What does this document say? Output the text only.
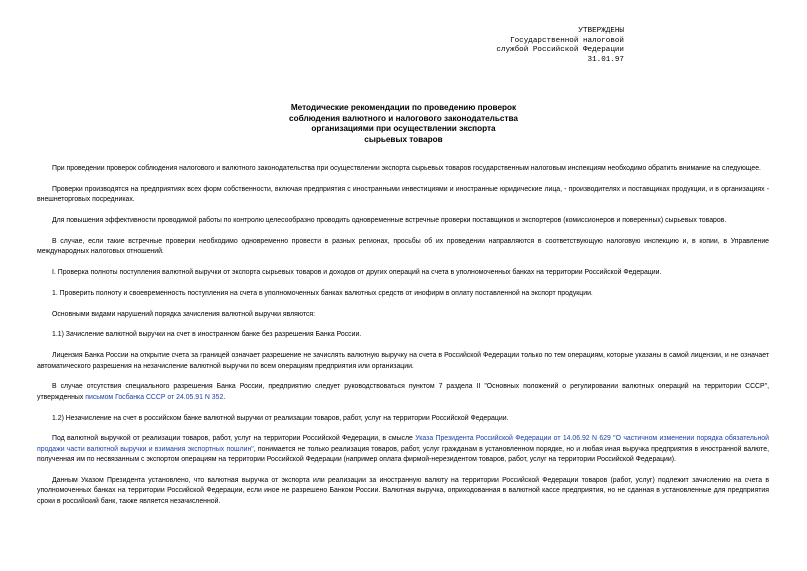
УТВЕРЖДЕНЫ
Государственной налоговой
службой Российской Федерации
31.01.97
Методические рекомендации по проведению проверок
соблюдения валютного и налогового законодательства
организациями при осуществлении экспорта
сырьевых товаров

При проведении проверок соблюдения налогового и валютного законодательства при осуществлении экспорта сырьевых товаров государственным налоговым инспекциям необходимо обратить внимание на следующее.

Проверки производятся на предприятиях всех форм собственности, включая предприятия с иностранными инвестициями и иностранные юридические лица, - производителях и поставщиках продукции, и в организациях - внешнеторговых посредниках.

Для повышения эффективности проводимой работы по контролю целесообразно проводить одновременные встречные проверки поставщиков и экспортеров (комиссионеров и поверенных) сырьевых товаров.

В случае, если такие встречные проверки необходимо одновременно провести в разных регионах, просьбы об их проведении направляются в соответствующую налоговую инспекцию и, в копии, в Управление международных налоговых отношений.

I. Проверка полноты поступления валютной выручки от экспорта сырьевых товаров и доходов от других операций на счета в уполномоченных банках на территории Российской Федерации.

1. Проверить полноту и своевременность поступления на счета в уполномоченных банках валютных средств от инофирм в оплату поставленной на экспорт продукции.

Основными видами нарушений порядка зачисления валютной выручки являются:

1.1) Зачисление валютной выручки на счет в иностранном банке без разрешения Банка России.

Лицензия Банка России на открытие счета за границей означает разрешение не зачислять валютную выручку на счета в Российской Федерации только по тем операциям, которые указаны в самой лицензии, и не означает автоматического разрешения на незачисление валютной выручки по всем операциям предприятия или организации.

В случае отсутствия специального разрешения Банка России, предприятию следует руководствоваться пунктом 7 раздела II "Основных положений о регулировании валютных операций на территории СССР", утвержденных письмом Госбанка СССР от 24.05.91 N 352.

1.2) Незачисление на счет в российском банке валютной выручки от реализации товаров, работ, услуг на территории Российской Федерации.

Под валютной выручкой от реализации товаров, работ, услуг на территории Российской Федерации, в смысле Указа Президента Российской Федерации от 14.06.92 N 629 "О частичном изменении порядка обязательной продажи части валютной выручки и взимания экспортных пошлин", понимается не только реализация товаров, работ, услуг гражданам в установленном порядке, но и любая иная выручка предприятия в иностранной валюте, полученная им по несвязанным с экспортом операциям на территории Российской Федерации (например оплата фирмой-нерезидентом товаров, работ, услуг на территории Российской Федерации).

Данным Указом Президента установлено, что валютная выручка от экспорта или реализации за иностранную валюту на территории Российской Федерации товаров (работ, услуг) подлежит зачислению на счета в уполномоченных банках на территории Российской Федерации, если иное не разрешено Банком России. Валютная выручка, оприходованная в валютной кассе предприятия, но не сданная в установленные для предприятия сроки в российский банк, также является незачисленной.
